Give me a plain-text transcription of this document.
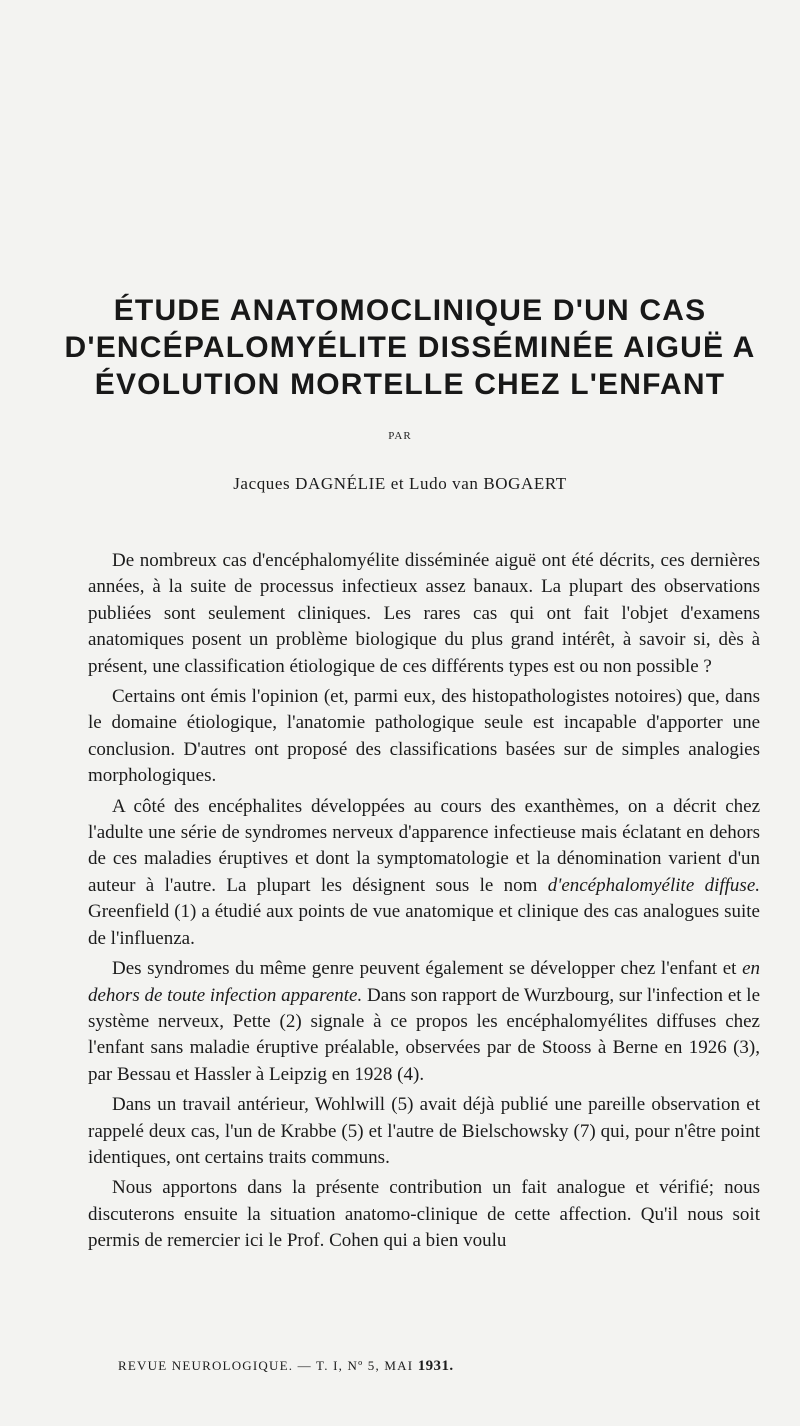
ÉTUDE ANATOMOCLINIQUE D'UN CAS
D'ENCÉPALOMYÉLITE DISSÉMINÉE AIGUË A
ÉVOLUTION MORTELLE CHEZ L'ENFANT
PAR
Jacques DAGNÉLIE et Ludo van BOGAERT

De nombreux cas d'encéphalomyélite disséminée aiguë ont été décrits, ces dernières années, à la suite de processus infectieux assez banaux. La plupart des observations publiées sont seulement cliniques. Les rares cas qui ont fait l'objet d'examens anatomiques posent un problème biologique du plus grand intérêt, à savoir si, dès à présent, une classification étiologique de ces différents types est ou non possible ?

Certains ont émis l'opinion (et, parmi eux, des histopathologistes notoires) que, dans le domaine étiologique, l'anatomie pathologique seule est incapable d'apporter une conclusion. D'autres ont proposé des classifications basées sur de simples analogies morphologiques.

A côté des encéphalites développées au cours des exanthèmes, on a décrit chez l'adulte une série de syndromes nerveux d'apparence infectieuse mais éclatant en dehors de ces maladies éruptives et dont la symptomatologie et la dénomination varient d'un auteur à l'autre. La plupart les désignent sous le nom d'encéphalomyélite diffuse. Greenfield (1) a étudié aux points de vue anatomique et clinique des cas analogues suite de l'influenza.

Des syndromes du même genre peuvent également se développer chez l'enfant et en dehors de toute infection apparente. Dans son rapport de Wurzbourg, sur l'infection et le système nerveux, Pette (2) signale à ce propos les encéphalomyélites diffuses chez l'enfant sans maladie éruptive préalable, observées par de Stooss à Berne en 1926 (3), par Bessau et Hassler à Leipzig en 1928 (4).

Dans un travail antérieur, Wohlwill (5) avait déjà publié une pareille observation et rappelé deux cas, l'un de Krabbe (5) et l'autre de Bielschowsky (7) qui, pour n'être point identiques, ont certains traits communs.

Nous apportons dans la présente contribution un fait analogue et vérifié; nous discuterons ensuite la situation anatomo-clinique de cette affection. Qu'il nous soit permis de remercier ici le Prof. Cohen qui a bien voulu

REVUE NEUROLOGIQUE. — T. I, Nº 5, MAI 1931.
